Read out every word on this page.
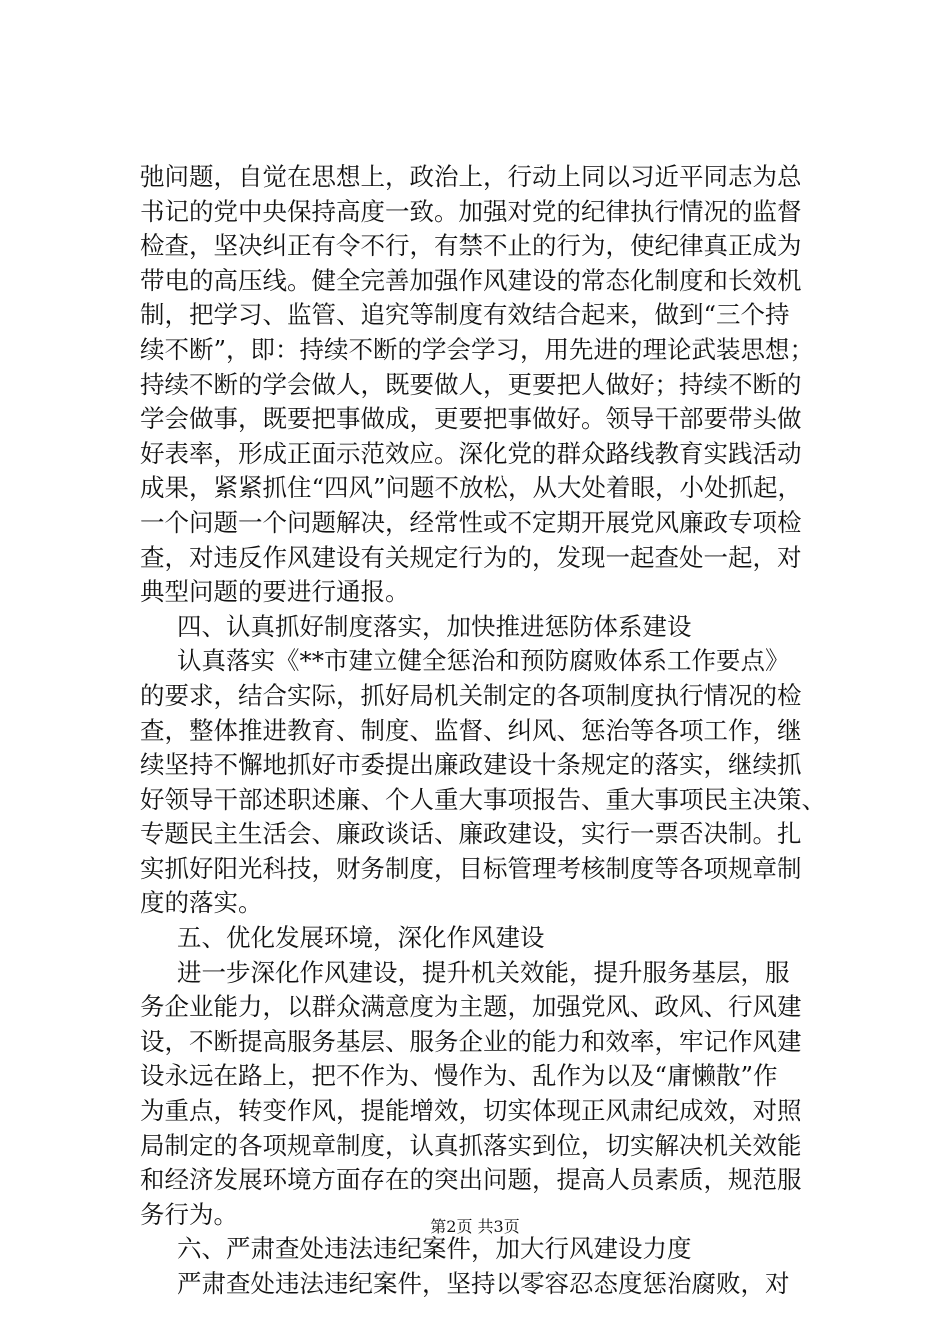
弛问题，自觉在思想上，政治上，行动上同以习近平同志为总
书记的党中央保持高度一致。加强对党的纪律执行情况的监督
检查，坚决纠正有令不行，有禁不止的行为，使纪律真正成为
带电的高压线。健全完善加强作风建设的常态化制度和长效机
制，把学习、监管、追究等制度有效结合起来，做到“三个持
续不断”，即：持续不断的学会学习，用先进的理论武装思想；
持续不断的学会做人，既要做人，更要把人做好；持续不断的
学会做事，既要把事做成，更要把事做好。领导干部要带头做
好表率，形成正面示范效应。深化党的群众路线教育实践活动
成果，紧紧抓住“四风”问题不放松，从大处着眼，小处抓起，
一个问题一个问题解决，经常性或不定期开展党风廉政专项检
查，对违反作风建设有关规定行为的，发现一起查处一起，对
典型问题的要进行通报。
四、认真抓好制度落实，加快推进惩防体系建设
认真落实《**市建立健全惩治和预防腐败体系工作要点》
的要求，结合实际，抓好局机关制定的各项制度执行情况的检
查，整体推进教育、制度、监督、纠风、惩治等各项工作，继
续坚持不懈地抓好市委提出廉政建设十条规定的落实，继续抓
好领导干部述职述廉、个人重大事项报告、重大事项民主决策、
专题民主生活会、廉政谈话、廉政建设，实行一票否决制。扎
实抓好阳光科技，财务制度，目标管理考核制度等各项规章制
度的落实。
五、优化发展环境，深化作风建设
进一步深化作风建设，提升机关效能，提升服务基层，服
务企业能力，以群众满意度为主题，加强党风、政风、行风建
设，不断提高服务基层、服务企业的能力和效率，牢记作风建
设永远在路上，把不作为、慢作为、乱作为以及“庸懒散”作
为重点，转变作风，提能增效，切实体现正风肃纪成效，对照
局制定的各项规章制度，认真抓落实到位，切实解决机关效能
和经济发展环境方面存在的突出问题，提高人员素质，规范服
务行为。
六、严肃查处违法违纪案件，加大行风建设力度
严肃查处违法违纪案件，坚持以零容忍态度惩治腐败，对
第2页 共3页
